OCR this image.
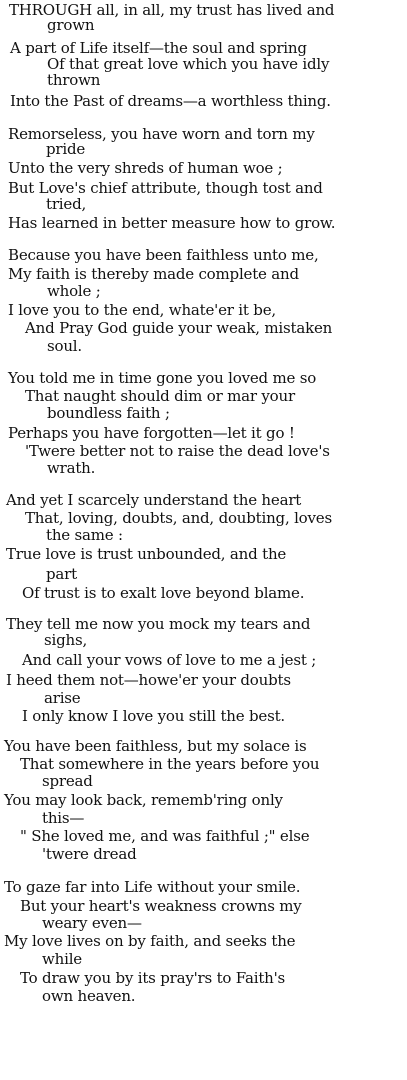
THROUGH all, in all, my trust has lived and
grown
A part of Life itself—the soul and spring
Of that great love which you have idly
thrown
Into the Past of dreams—a worthless thing.
Remorseless, you have worn and torn my
pride
Unto the very shreds of human woe ;
But Love's chief attribute, though tost and
tried,
Has learned in better measure how to grow.
Because you have been faithless unto me,
My faith is thereby made complete and
whole ;
I love you to the end, whate'er it be,
And Pray God guide your weak, mistaken
soul.
You told me in time gone you loved me so
That naught should dim or mar your
boundless faith ;
Perhaps you have forgotten—let it go !
'Twere better not to raise the dead love's
wrath.
And yet I scarcely understand the heart
That, loving, doubts, and, doubting, loves
the same :
True love is trust unbounded, and the
part
Of trust is to exalt love beyond blame.
They tell me now you mock my tears and
sighs,
And call your vows of love to me a jest ;
I heed them not—howe'er your doubts
arise
I only know I love you still the best.
You have been faithless, but my solace is
That somewhere in the years before you
spread
You may look back, rememb'ring only
this—
" She loved me, and was faithful ;" else
'twere dread
To gaze far into Life without your smile.
But your heart's weakness crowns my
weary even—
My love lives on by faith, and seeks the
while
To draw you by its pray'rs to Faith's
own heaven.
